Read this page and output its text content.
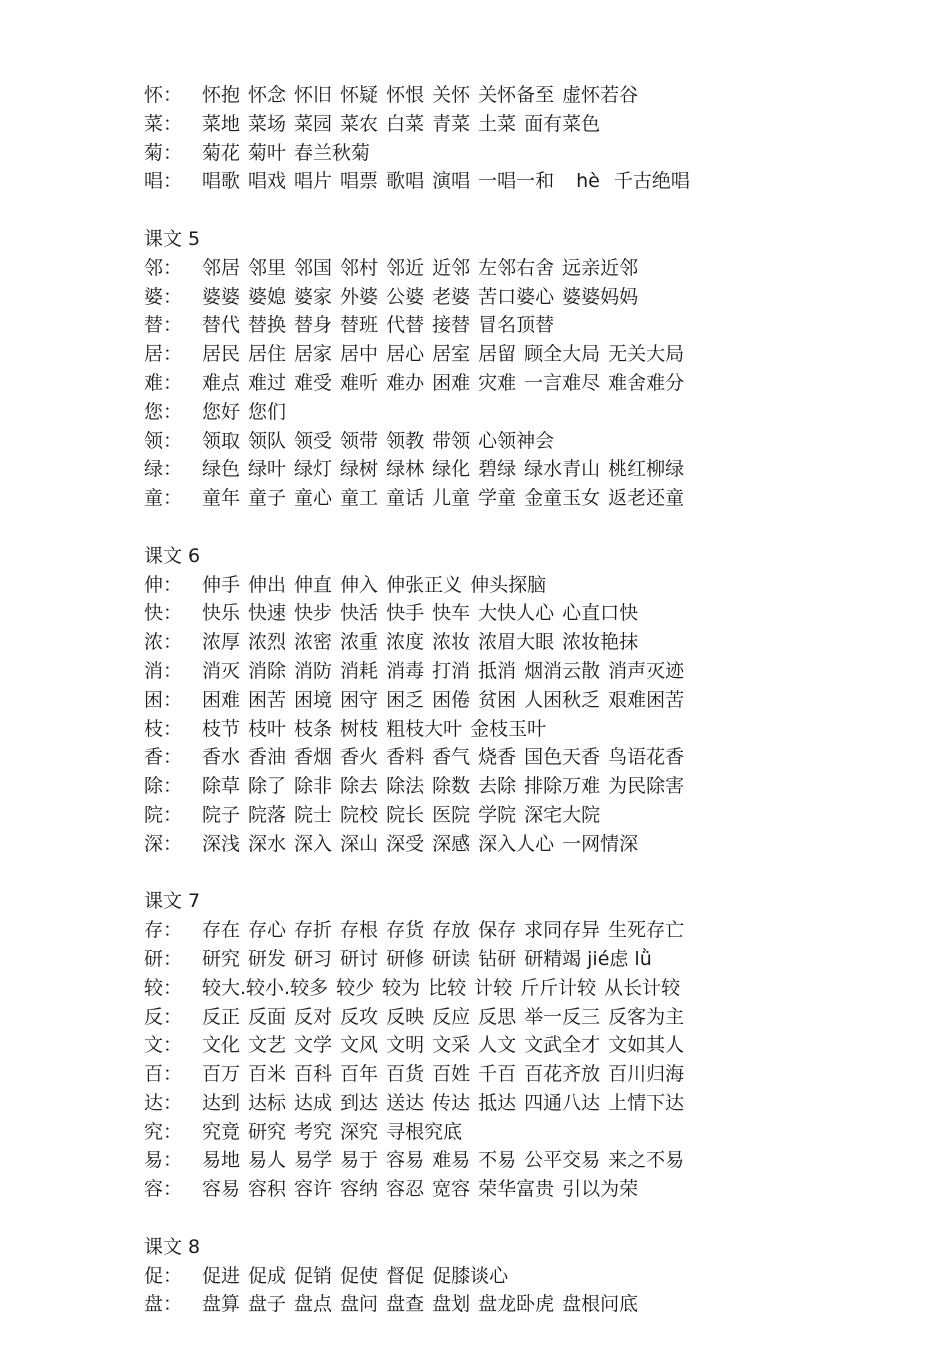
怀：	怀抱 怀念 怀旧 怀疑 怀恨 关怀 关怀备至 虚怀若谷
菜：	菜地 菜场 菜园 菜农 白菜 青菜 土菜 面有菜色
菊：	菊花 菊叶 春兰秋菊
唱：	唱歌 唱戏 唱片 唱票 歌唱 演唱 一唱一和 hè 千古绝唱
课文 5
邻：	邻居 邻里 邻国 邻村 邻近 近邻 左邻右舍 远亲近邻
婆：	婆婆 婆媳 婆家 外婆 公婆 老婆 苦口婆心 婆婆妈妈
替：	替代 替换 替身 替班 代替 接替 冒名顶替
居：	居民 居住 居家 居中 居心 居室 居留 顾全大局 无关大局
难：	难点 难过 难受 难听 难办 困难 灾难 一言难尽 难舍难分
您：	您好 您们
领：	领取 领队 领受 领带 领教 带领 心领神会
绿：	绿色 绿叶 绿灯 绿树 绿林 绿化 碧绿 绿水青山 桃红柳绿
童：	童年 童子 童心 童工 童话 儿童 学童 金童玉女 返老还童
课文 6
伸：	伸手 伸出 伸直 伸入 伸张正义 伸头探脑
快：	快乐 快速 快步 快活 快手 快车 大快人心 心直口快
浓：	浓厚 浓烈 浓密 浓重 浓度 浓妆 浓眉大眼 浓妆艳抹
消：	消灭 消除 消防 消耗 消毒 打消 抵消 烟消云散 消声灭迹
困：	困难 困苦 困境 困守 困乏 困倦 贫困 人困秋乏 艰难困苦
枝：	枝节 枝叶 枝条 树枝 粗枝大叶 金枝玉叶
香：	香水 香油 香烟 香火 香料 香气 烧香 国色天香 鸟语花香
除：	除草 除了 除非 除去 除法 除数 去除 排除万难 为民除害
院：	院子 院落 院士 院校 院长 医院 学院 深宅大院
深：	深浅 深水 深入 深山 深受 深感 深入人心 一网情深
课文 7
存：	存在 存心 存折 存根 存货 存放 保存 求同存异 生死存亡
研：	研究 研发 研习 研讨 研修 研读 钻研 研精竭 jié虑 lǜ
较：	较大.较小.较多 较少 较为 比较 计较 斤斤计较 从长计较
反：	反正 反面 反对 反攻 反映 反应 反思 举一反三 反客为主
文：	文化 文艺 文学 文风 文明 文采 人文 文武全才 文如其人
百：	百万 百米 百科 百年 百货 百姓 千百 百花齐放 百川归海
达：	达到 达标 达成 到达 送达 传达 抵达 四通八达 上情下达
究：	究竟 研究 考究 深究 寻根究底
易：	易地 易人 易学 易于 容易 难易 不易 公平交易 来之不易
容：	容易 容积 容许 容纳 容忍 宽容 荣华富贵 引以为荣
课文 8
促：	促进 促成 促销 促使 督促 促膝谈心
盘：	盘算 盘子 盘点 盘问 盘查 盘划 盘龙卧虎 盘根问底
